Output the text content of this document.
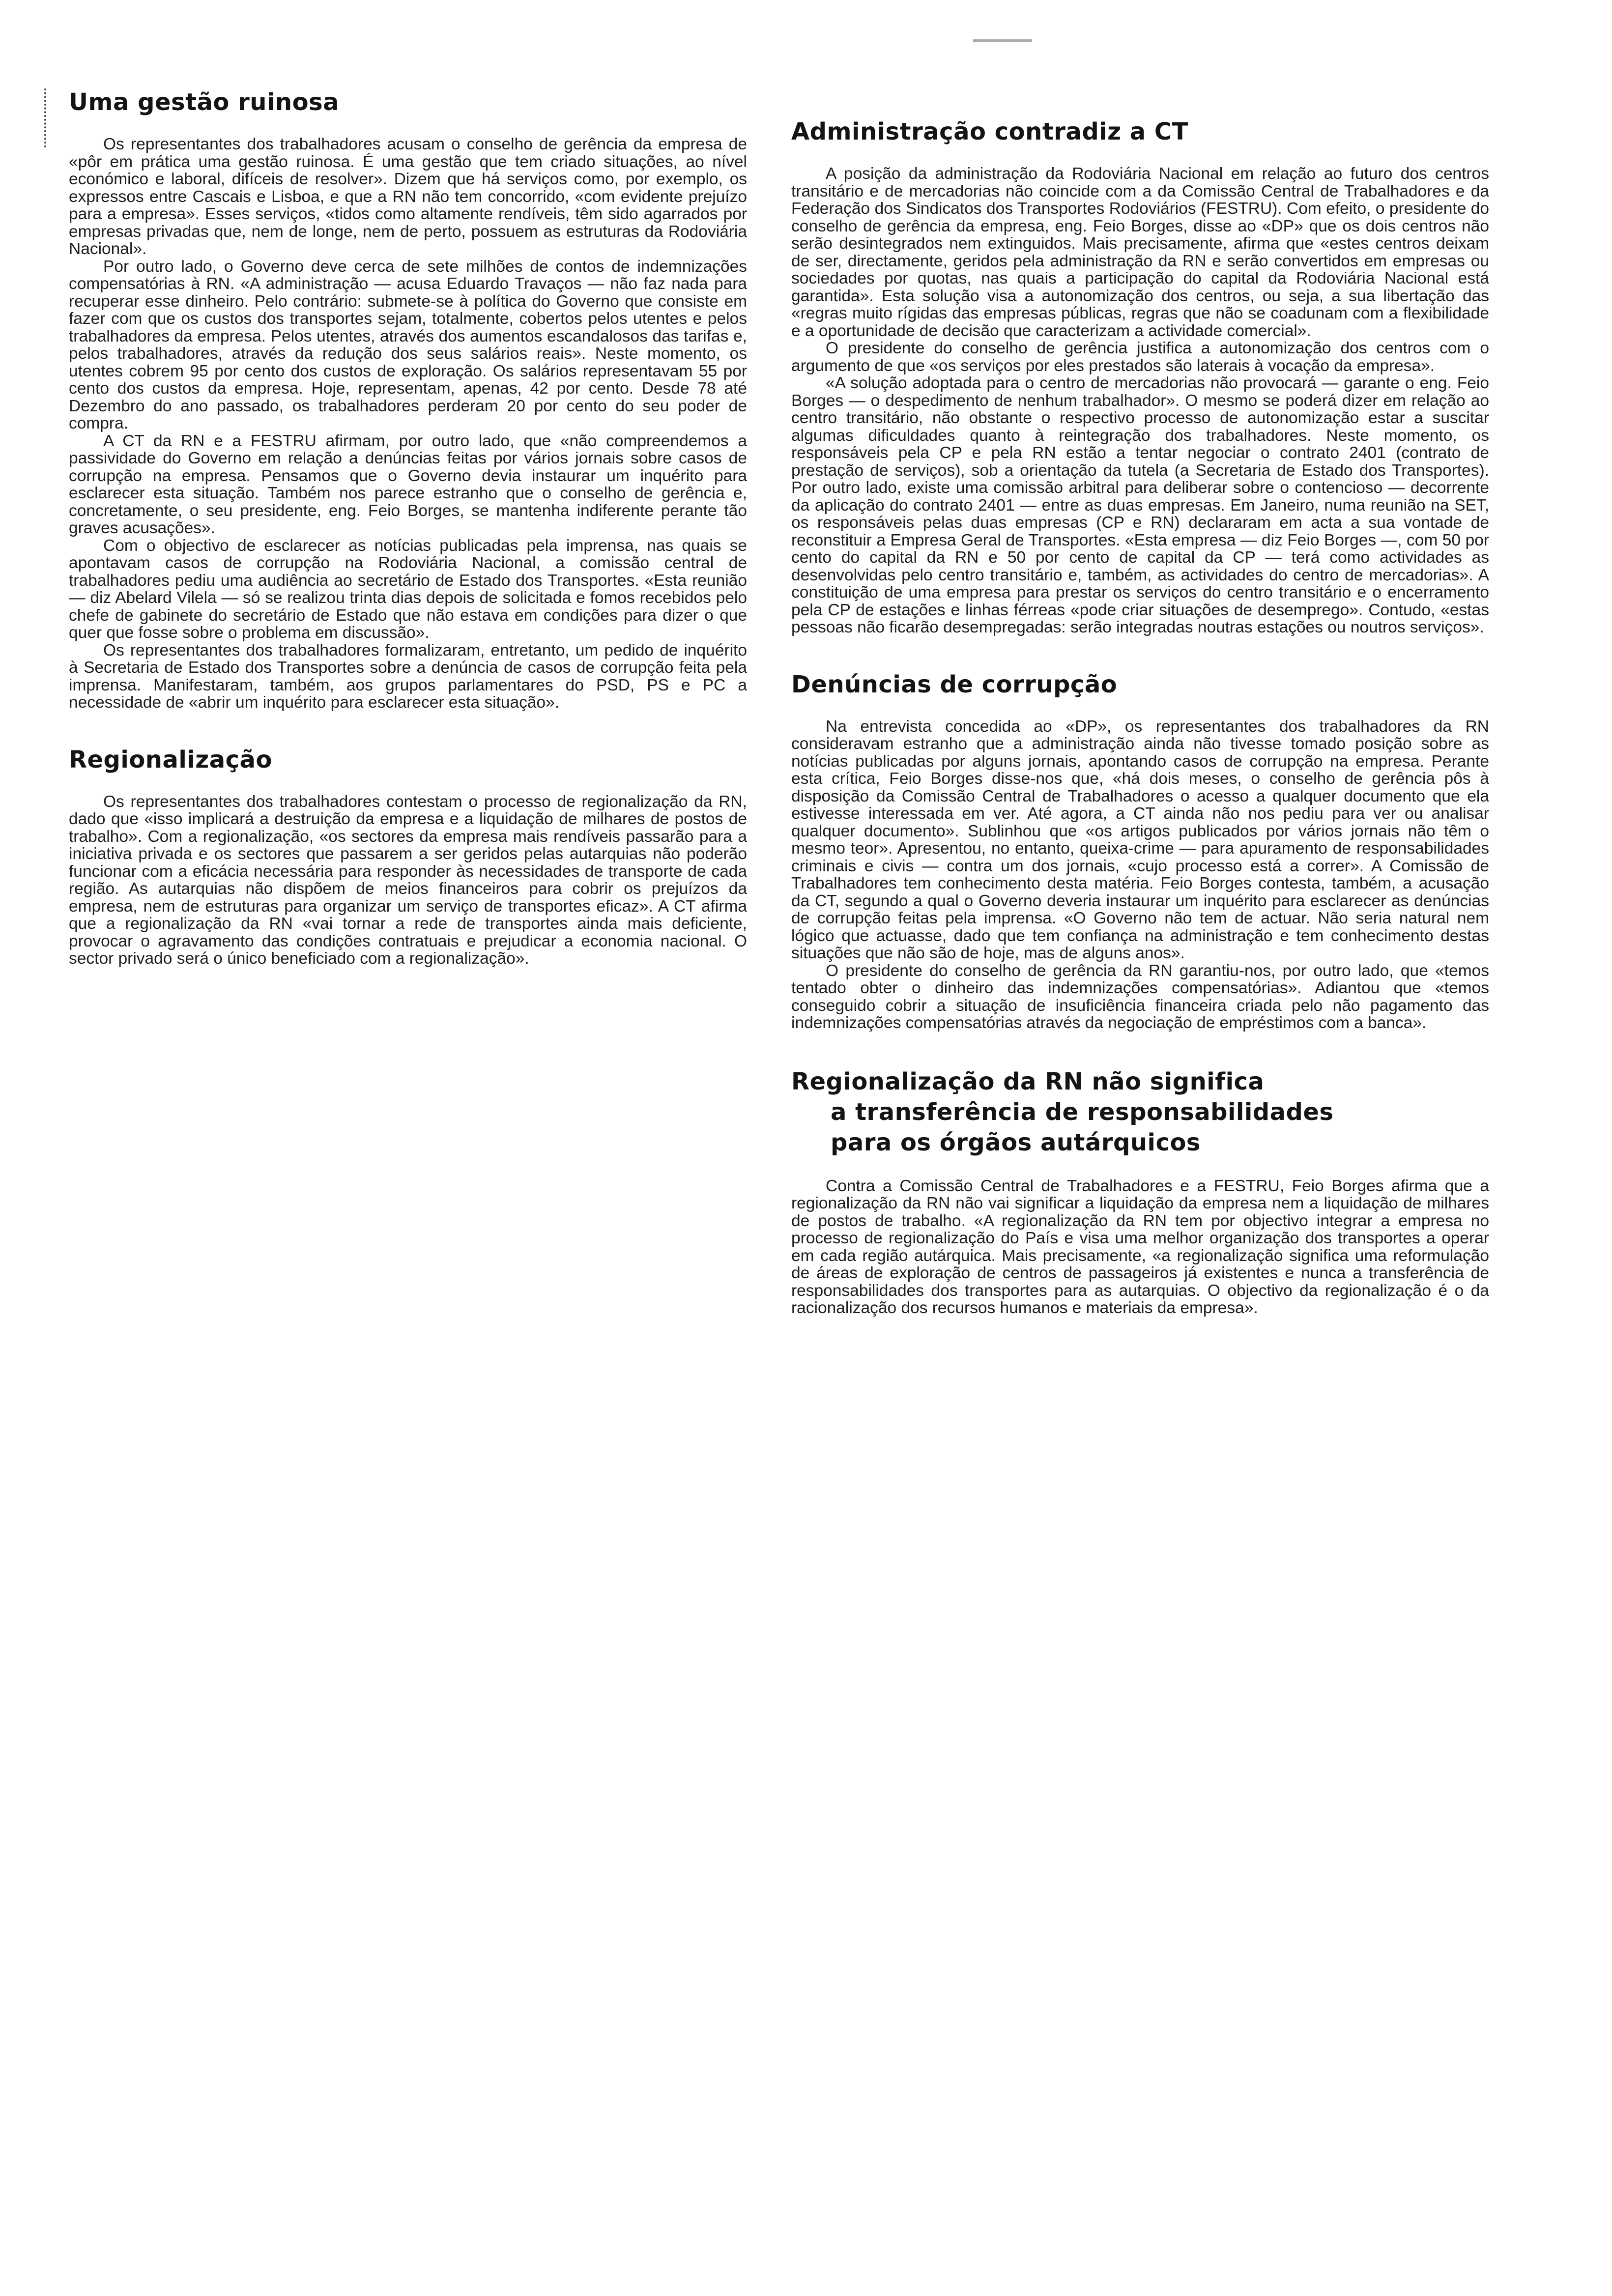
Uma gestão ruinosa

Os representantes dos trabalhadores acusam o conselho de gerência da empresa de «pôr em prática uma gestão ruinosa. É uma gestão que tem criado situações, ao nível económico e laboral, difíceis de resolver». Dizem que há serviços como, por exemplo, os expressos entre Cascais e Lisboa, e que a RN não tem concorrido, «com evidente prejuízo para a empresa». Esses serviços, «tidos como altamente rendíveis, têm sido agarrados por empresas privadas que, nem de longe, nem de perto, possuem as estruturas da Rodoviária Nacional».

Por outro lado, o Governo deve cerca de sete milhões de contos de indemnizações compensatórias à RN. «A administração — acusa Eduardo Travaços — não faz nada para recuperar esse dinheiro. Pelo contrário: submete-se à política do Governo que consiste em fazer com que os custos dos transportes sejam, totalmente, cobertos pelos utentes e pelos trabalhadores da empresa. Pelos utentes, através dos aumentos escandalosos das tarifas e, pelos trabalhadores, através da redução dos seus salários reais». Neste momento, os utentes cobrem 95 por cento dos custos de exploração. Os salários representavam 55 por cento dos custos da empresa. Hoje, representam, apenas, 42 por cento. Desde 78 até Dezembro do ano passado, os trabalhadores perderam 20 por cento do seu poder de compra.

A CT da RN e a FESTRU afirmam, por outro lado, que «não compreendemos a passividade do Governo em relação a denúncias feitas por vários jornais sobre casos de corrupção na empresa. Pensamos que o Governo devia instaurar um inquérito para esclarecer esta situação. Também nos parece estranho que o conselho de gerência e, concretamente, o seu presidente, eng. Feio Borges, se mantenha indiferente perante tão graves acusações».

Com o objectivo de esclarecer as notícias publicadas pela imprensa, nas quais se apontavam casos de corrupção na Rodoviária Nacional, a comissão central de trabalhadores pediu uma audiência ao secretário de Estado dos Transportes. «Esta reunião — diz Abelard Vilela — só se realizou trinta dias depois de solicitada e fomos recebidos pelo chefe de gabinete do secretário de Estado que não estava em condições para dizer o que quer que fosse sobre o problema em discussão».

Os representantes dos trabalhadores formalizaram, entretanto, um pedido de inquérito à Secretaria de Estado dos Transportes sobre a denúncia de casos de corrupção feita pela imprensa. Manifestaram, também, aos grupos parlamentares do PSD, PS e PC a necessidade de «abrir um inquérito para esclarecer esta situação».

Regionalização

Os representantes dos trabalhadores contestam o processo de regionalização da RN, dado que «isso implicará a destruição da empresa e a liquidação de milhares de postos de trabalho». Com a regionalização, «os sectores da empresa mais rendíveis passarão para a iniciativa privada e os sectores que passarem a ser geridos pelas autarquias não poderão funcionar com a eficácia necessária para responder às necessidades de transporte de cada região. As autarquias não dispõem de meios financeiros para cobrir os prejuízos da empresa, nem de estruturas para organizar um serviço de transportes eficaz». A CT afirma que a regionalização da RN «vai tornar a rede de transportes ainda mais deficiente, provocar o agravamento das condições contratuais e prejudicar a economia nacional. O sector privado será o único beneficiado com a regionalização».

Administração contradiz a CT

A posição da administração da Rodoviária Nacional em relação ao futuro dos centros transitário e de mercadorias não coincide com a da Comissão Central de Trabalhadores e da Federação dos Sindicatos dos Transportes Rodoviários (FESTRU). Com efeito, o presidente do conselho de gerência da empresa, eng. Feio Borges, disse ao «DP» que os dois centros não serão desintegrados nem extinguidos. Mais precisamente, afirma que «estes centros deixam de ser, directamente, geridos pela administração da RN e serão convertidos em empresas ou sociedades por quotas, nas quais a participação do capital da Rodoviária Nacional está garantida». Esta solução visa a autonomização dos centros, ou seja, a sua libertação das «regras muito rígidas das empresas públicas, regras que não se coadunam com a flexibilidade e a oportunidade de decisão que caracterizam a actividade comercial».

O presidente do conselho de gerência justifica a autonomização dos centros com o argumento de que «os serviços por eles prestados são laterais à vocação da empresa».

«A solução adoptada para o centro de mercadorias não provocará — garante o eng. Feio Borges — o despedimento de nenhum trabalhador». O mesmo se poderá dizer em relação ao centro transitário, não obstante o respectivo processo de autonomização estar a suscitar algumas dificuldades quanto à reintegração dos trabalhadores. Neste momento, os responsáveis pela CP e pela RN estão a tentar negociar o contrato 2401 (contrato de prestação de serviços), sob a orientação da tutela (a Secretaria de Estado dos Transportes). Por outro lado, existe uma comissão arbitral para deliberar sobre o contencioso — decorrente da aplicação do contrato 2401 — entre as duas empresas. Em Janeiro, numa reunião na SET, os responsáveis pelas duas empresas (CP e RN) declararam em acta a sua vontade de reconstituir a Empresa Geral de Transportes. «Esta empresa — diz Feio Borges —, com 50 por cento do capital da RN e 50 por cento de capital da CP — terá como actividades as desenvolvidas pelo centro transitário e, também, as actividades do centro de mercadorias». A constituição de uma empresa para prestar os serviços do centro transitário e o encerramento pela CP de estações e linhas férreas «pode criar situações de desemprego». Contudo, «estas pessoas não ficarão desempregadas: serão integradas noutras estações ou noutros serviços».

Denúncias de corrupção

Na entrevista concedida ao «DP», os representantes dos trabalhadores da RN consideravam estranho que a administração ainda não tivesse tomado posição sobre as notícias publicadas por alguns jornais, apontando casos de corrupção na empresa. Perante esta crítica, Feio Borges disse-nos que, «há dois meses, o conselho de gerência pôs à disposição da Comissão Central de Trabalhadores o acesso a qualquer documento que ela estivesse interessada em ver. Até agora, a CT ainda não nos pediu para ver ou analisar qualquer documento». Sublinhou que «os artigos publicados por vários jornais não têm o mesmo teor». Apresentou, no entanto, queixa-crime — para apuramento de responsabilidades criminais e civis — contra um dos jornais, «cujo processo está a correr». A Comissão de Trabalhadores tem conhecimento desta matéria. Feio Borges contesta, também, a acusação da CT, segundo a qual o Governo deveria instaurar um inquérito para esclarecer as denúncias de corrupção feitas pela imprensa. «O Governo não tem de actuar. Não seria natural nem lógico que actuasse, dado que tem confiança na administração e tem conhecimento destas situações que não são de hoje, mas de alguns anos».

O presidente do conselho de gerência da RN garantiu-nos, por outro lado, que «temos tentado obter o dinheiro das indemnizações compensatórias». Adiantou que «temos conseguido cobrir a situação de insuficiência financeira criada pelo não pagamento das indemnizações compensatórias através da negociação de empréstimos com a banca».

Regionalização da RN não significa
a transferência de responsabilidades
para os órgãos autárquicos

Contra a Comissão Central de Trabalhadores e a FESTRU, Feio Borges afirma que a regionalização da RN não vai significar a liquidação da empresa nem a liquidação de milhares de postos de trabalho. «A regionalização da RN tem por objectivo integrar a empresa no processo de regionalização do País e visa uma melhor organização dos transportes a operar em cada região autárquica. Mais precisamente, «a regionalização significa uma reformulação de áreas de exploração de centros de passageiros já existentes e nunca a transferência de responsabilidades dos transportes para as autarquias. O objectivo da regionalização é o da racionalização dos recursos humanos e materiais da empresa».
